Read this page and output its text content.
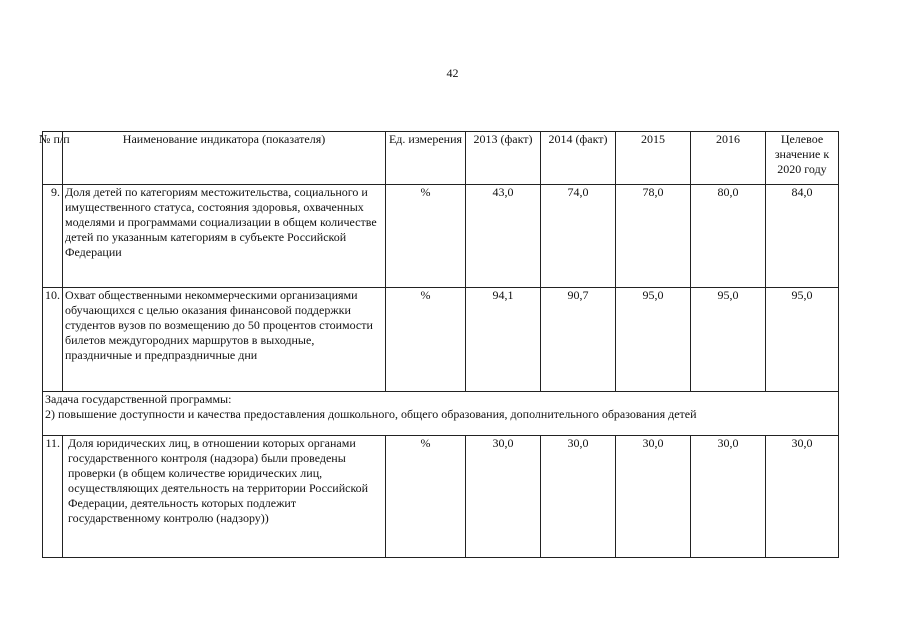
42
№ п/п	Наименование индикатора (показателя)	Ед. измерения	2013 (факт)	2014 (факт)	2015	2016	Целевое значение к 2020 году
9.	Доля детей по категориям местожительства, социального и имущественного статуса, состояния здоровья, охваченных моделями и программами социализации в общем количестве детей по указанным категориям в субъекте Российской Федерации	%	43,0	74,0	78,0	80,0	84,0
10.	Охват общественными некоммерческими организациями обучающихся с целью оказания финансовой поддержки студентов вузов по возмещению до 50 процентов стоимости билетов междугородних маршрутов в выходные, праздничные и предпраздничные дни	%	94,1	90,7	95,0	95,0	95,0

Задача государственной программы:
2) повышение доступности и качества предоставления дошкольного, общего образования, дополнительного образования детей							

11.	Доля юридических лиц, в отношении которых органами государственного контроля (надзора) были проведены проверки (в общем количестве юридических лиц, осуществляющих деятельность на территории Российской Федерации, деятельность которых подлежит государственному контролю (надзору))	%	30,0	30,0	30,0	30,0	30,0
